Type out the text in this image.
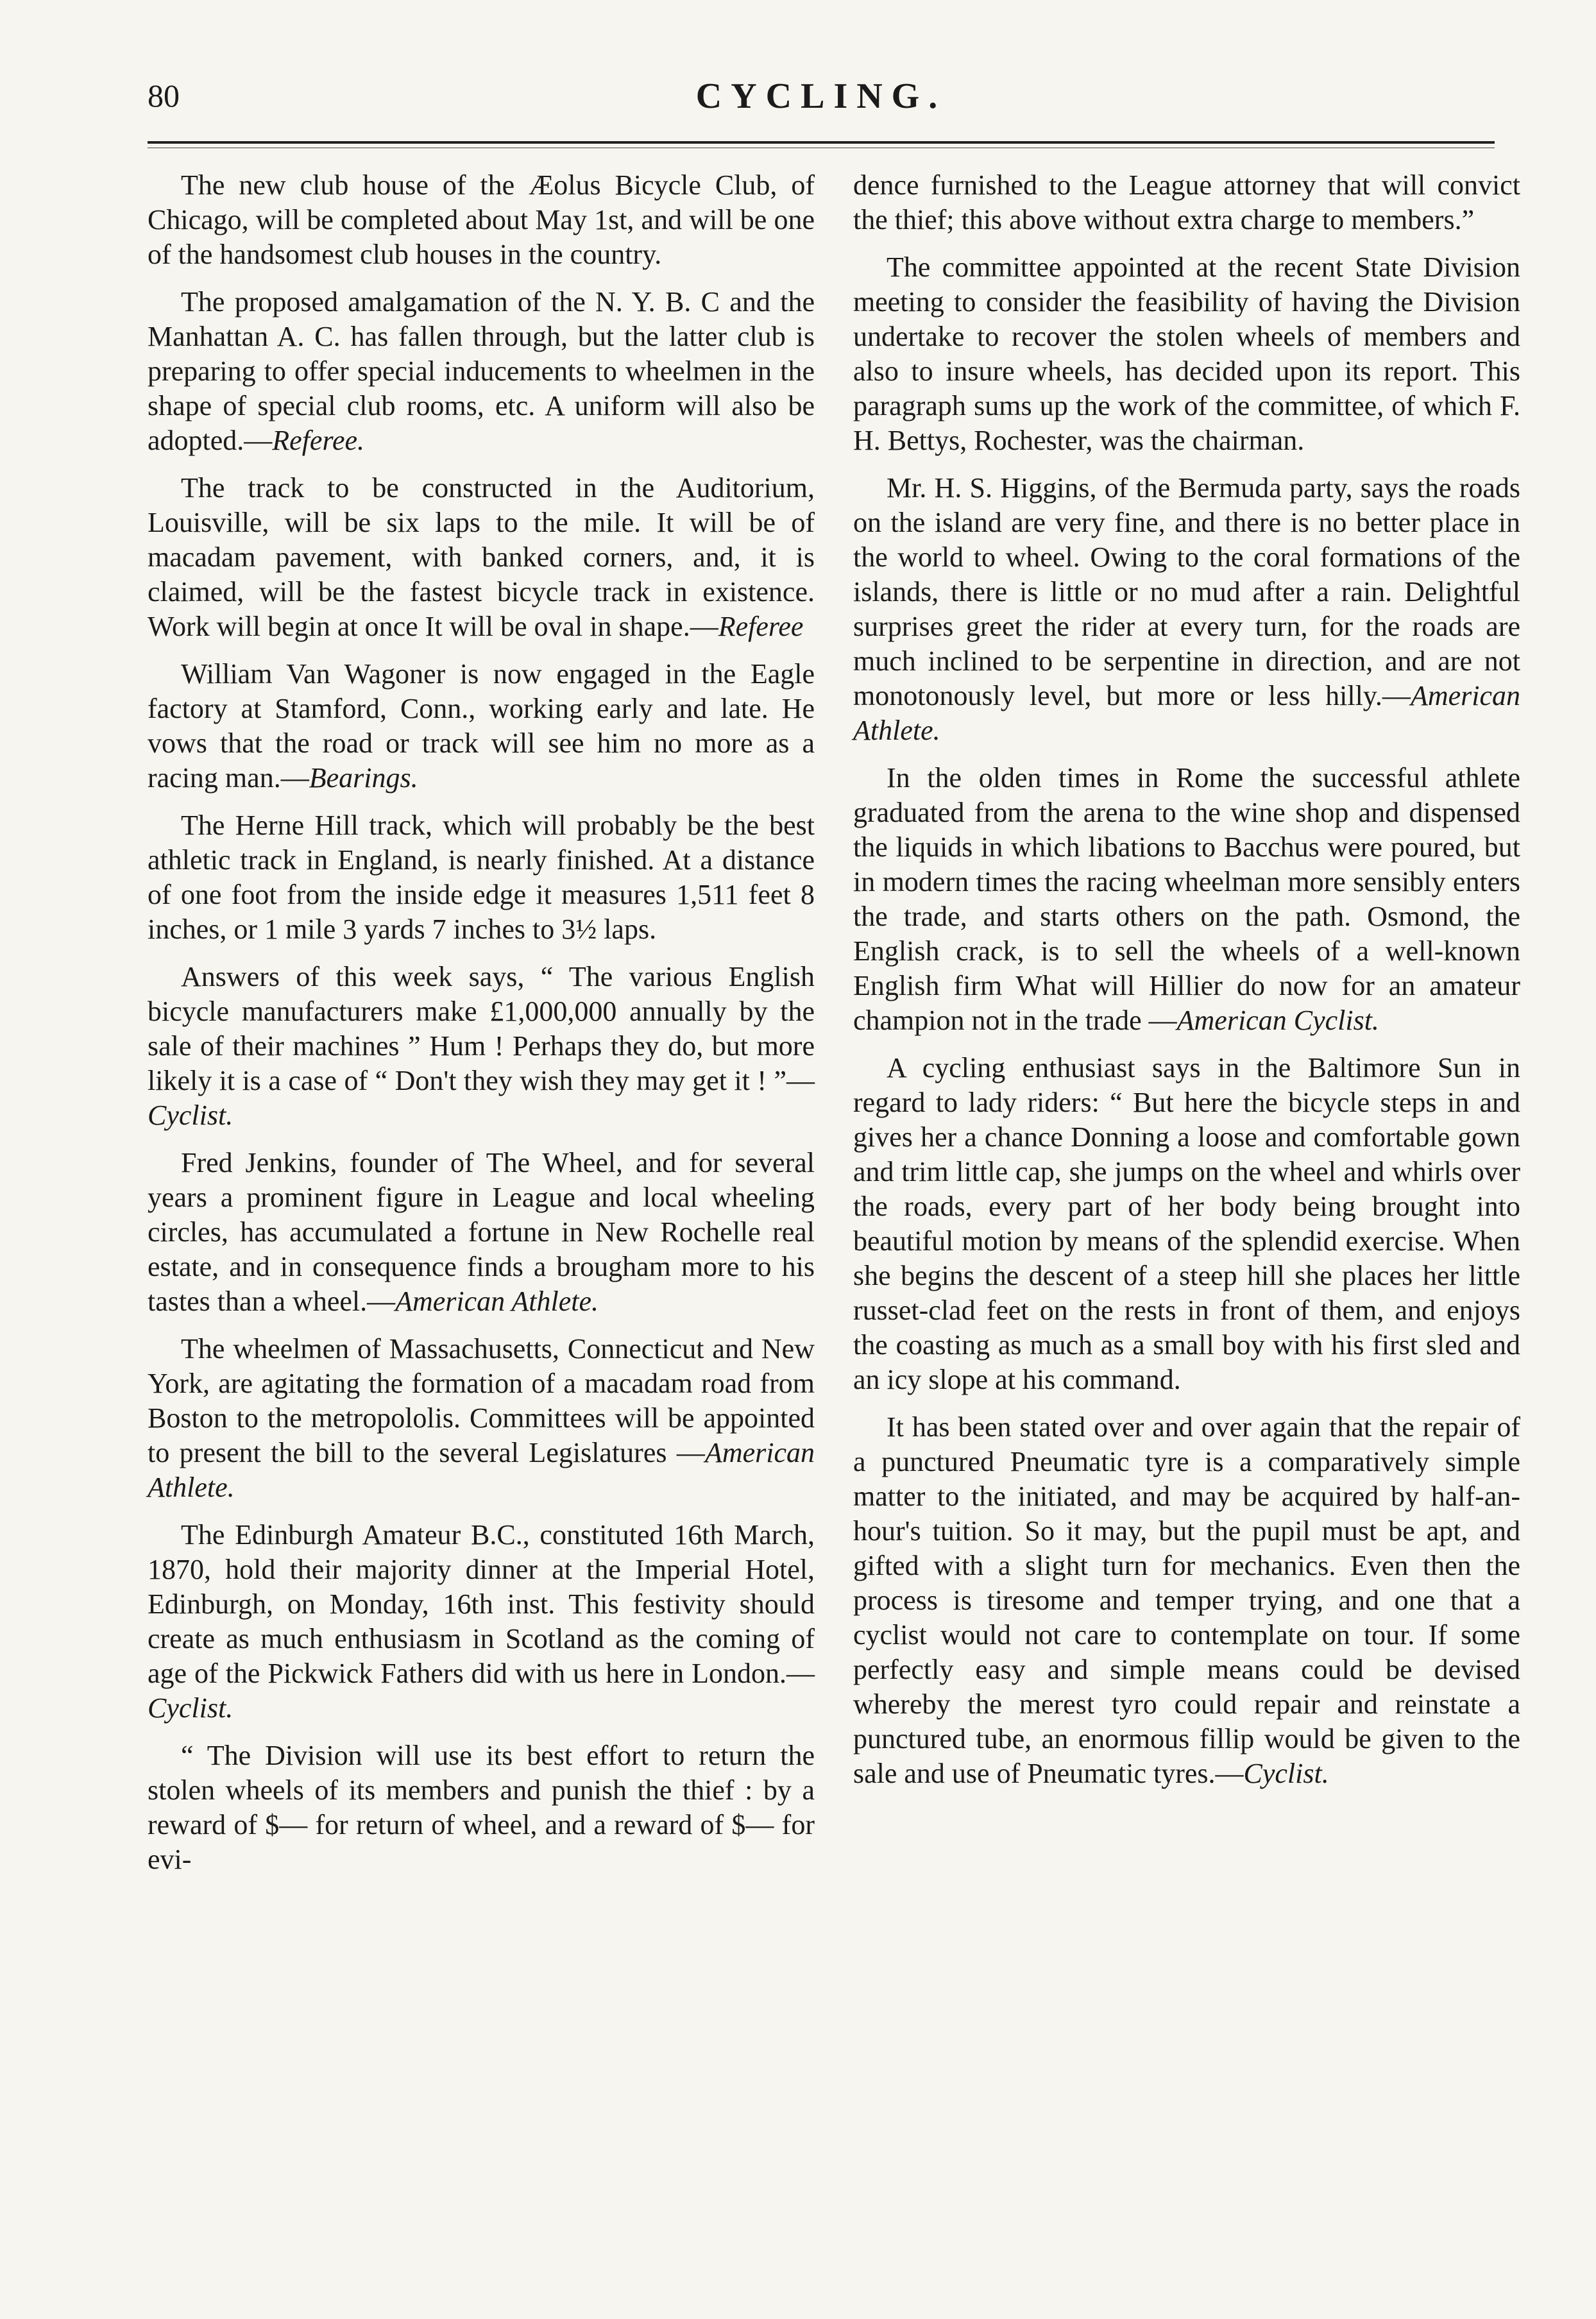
80	CYCLING.

The new club house of the Æolus Bicycle Club, of Chicago, will be completed about May 1st, and will be one of the handsomest club houses in the country.

The proposed amalgamation of the N. Y. B. C and the Manhattan A. C. has fallen through, but the latter club is preparing to offer special inducements to wheelmen in the shape of special club rooms, etc. A uniform will also be adopted.—Referee.

The track to be constructed in the Auditorium, Louisville, will be six laps to the mile. It will be of macadam pavement, with banked corners, and, it is claimed, will be the fastest bicycle track in existence. Work will begin at once It will be oval in shape.—Referee

William Van Wagoner is now engaged in the Eagle factory at Stamford, Conn., working early and late. He vows that the road or track will see him no more as a racing man.—Bearings.

The Herne Hill track, which will probably be the best athletic track in England, is nearly finished. At a distance of one foot from the inside edge it measures 1,511 feet 8 inches, or 1 mile 3 yards 7 inches to 3½ laps.

Answers of this week says, “ The various English bicycle manufacturers make £1,000,000 annually by the sale of their machines ” Hum ! Perhaps they do, but more likely it is a case of “ Don't they wish they may get it ! ”—Cyclist.

Fred Jenkins, founder of The Wheel, and for several years a prominent figure in League and local wheeling circles, has accumulated a fortune in New Rochelle real estate, and in consequence finds a brougham more to his tastes than a wheel.—American Athlete.

The wheelmen of Massachusetts, Connecticut and New York, are agitating the formation of a macadam road from Boston to the metropololis. Committees will be appointed to present the bill to the several Legislatures —American Athlete.

The Edinburgh Amateur B.C., constituted 16th March, 1870, hold their majority dinner at the Imperial Hotel, Edinburgh, on Monday, 16th inst. This festivity should create as much enthusiasm in Scotland as the coming of age of the Pickwick Fathers did with us here in London.—Cyclist.

“ The Division will use its best effort to return the stolen wheels of its members and punish the thief : by a reward of $— for return of wheel, and a reward of $— for evi-

dence furnished to the League attorney that will convict the thief; this above without extra charge to members.”

The committee appointed at the recent State Division meeting to consider the feasibility of having the Division undertake to recover the stolen wheels of members and also to insure wheels, has decided upon its report. This paragraph sums up the work of the committee, of which F. H. Bettys, Rochester, was the chairman.

Mr. H. S. Higgins, of the Bermuda party, says the roads on the island are very fine, and there is no better place in the world to wheel. Owing to the coral formations of the islands, there is little or no mud after a rain. Delightful surprises greet the rider at every turn, for the roads are much inclined to be serpentine in direction, and are not monotonously level, but more or less hilly.—American Athlete.

In the olden times in Rome the successful athlete graduated from the arena to the wine shop and dispensed the liquids in which libations to Bacchus were poured, but in modern times the racing wheelman more sensibly enters the trade, and starts others on the path. Osmond, the English crack, is to sell the wheels of a well-known English firm What will Hillier do now for an amateur champion not in the trade —American Cyclist.

A cycling enthusiast says in the Baltimore Sun in regard to lady riders: “ But here the bicycle steps in and gives her a chance Donning a loose and comfortable gown and trim little cap, she jumps on the wheel and whirls over the roads, every part of her body being brought into beautiful motion by means of the splendid exercise. When she begins the descent of a steep hill she places her little russet-clad feet on the rests in front of them, and enjoys the coasting as much as a small boy with his first sled and an icy slope at his command.

It has been stated over and over again that the repair of a punctured Pneumatic tyre is a comparatively simple matter to the initiated, and may be acquired by half-an-hour's tuition. So it may, but the pupil must be apt, and gifted with a slight turn for mechanics. Even then the process is tiresome and temper trying, and one that a cyclist would not care to contemplate on tour. If some perfectly easy and simple means could be devised whereby the merest tyro could repair and reinstate a punctured tube, an enormous fillip would be given to the sale and use of Pneumatic tyres.—Cyclist.
